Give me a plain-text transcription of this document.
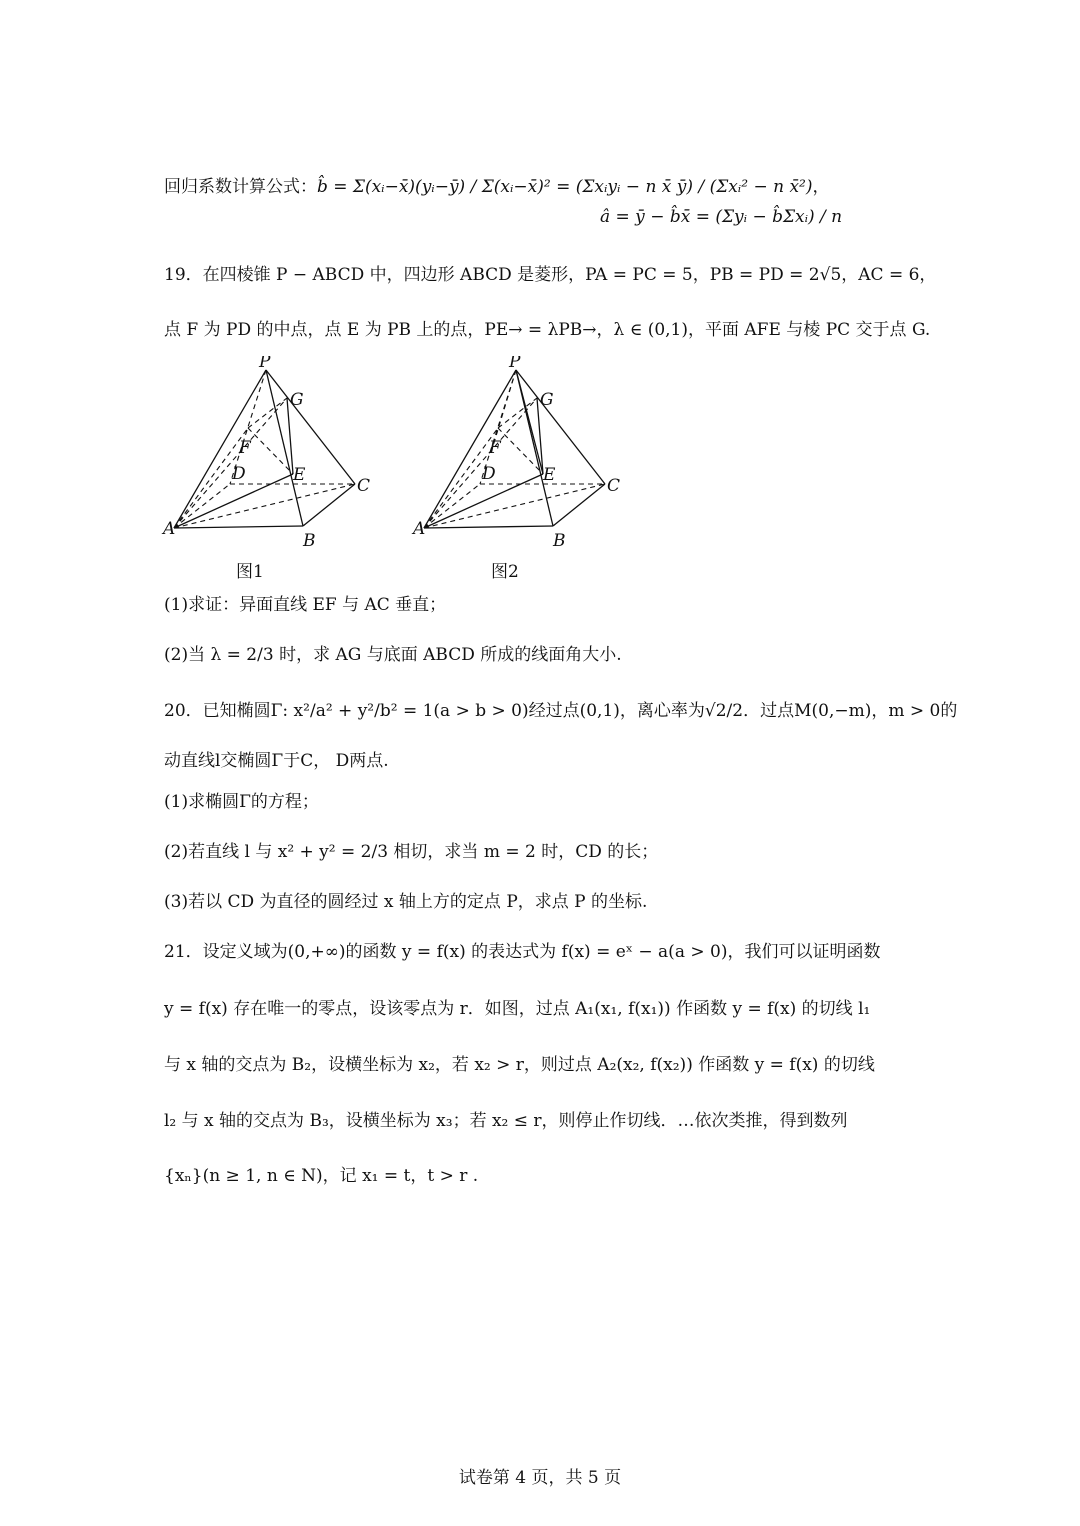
回归系数计算公式：b̂ = Σ(xᵢ−x̄)(yᵢ−ȳ) / Σ(xᵢ−x̄)² = (Σxᵢyᵢ − n x̄ ȳ) / (Σxᵢ² − n x̄²)，
â = ȳ − b̂x̄ = (Σyᵢ − b̂Σxᵢ) / n
19．在四棱锥 P − ABCD 中，四边形 ABCD 是菱形，PA = PC = 5，PB = PD = 2√5，AC = 6，
点 F 为 PD 的中点，点 E 为 PB 上的点，PE→ = λPB→，λ ∈ (0,1)，平面 AFE 与棱 PC 交于点 G.
P
G
F
D	E
C
A
B
图1
P
G
F
D	E
C
A
B
图2
(1)求证：异面直线 EF 与 AC 垂直；
(2)当 λ = 2/3 时，求 AG 与底面 ABCD 所成的线面角大小.
20．已知椭圆Γ: x²/a² + y²/b² = 1(a > b > 0)经过点(0,1)，离心率为√2/2．过点M(0,−m)，m > 0的
动直线l交椭圆Γ于C， D两点.
(1)求椭圆Γ的方程；
(2)若直线 l 与 x² + y² = 2/3 相切，求当 m = 2 时，CD 的长；
(3)若以 CD 为直径的圆经过 x 轴上方的定点 P，求点 P 的坐标.
21．设定义域为(0,+∞)的函数 y = f(x) 的表达式为 f(x) = eˣ − a(a > 0)，我们可以证明函数
y = f(x) 存在唯一的零点，设该零点为 r．如图，过点 A₁(x₁, f(x₁)) 作函数 y = f(x) 的切线 l₁
与 x 轴的交点为 B₂，设横坐标为 x₂，若 x₂ > r，则过点 A₂(x₂, f(x₂)) 作函数 y = f(x) 的切线
l₂ 与 x 轴的交点为 B₃，设横坐标为 x₃；若 x₂ ≤ r，则停止作切线．…依次类推，得到数列
{xₙ}(n ≥ 1, n ∈ N)，记 x₁ = t，t > r .
试卷第 4 页，共 5 页
